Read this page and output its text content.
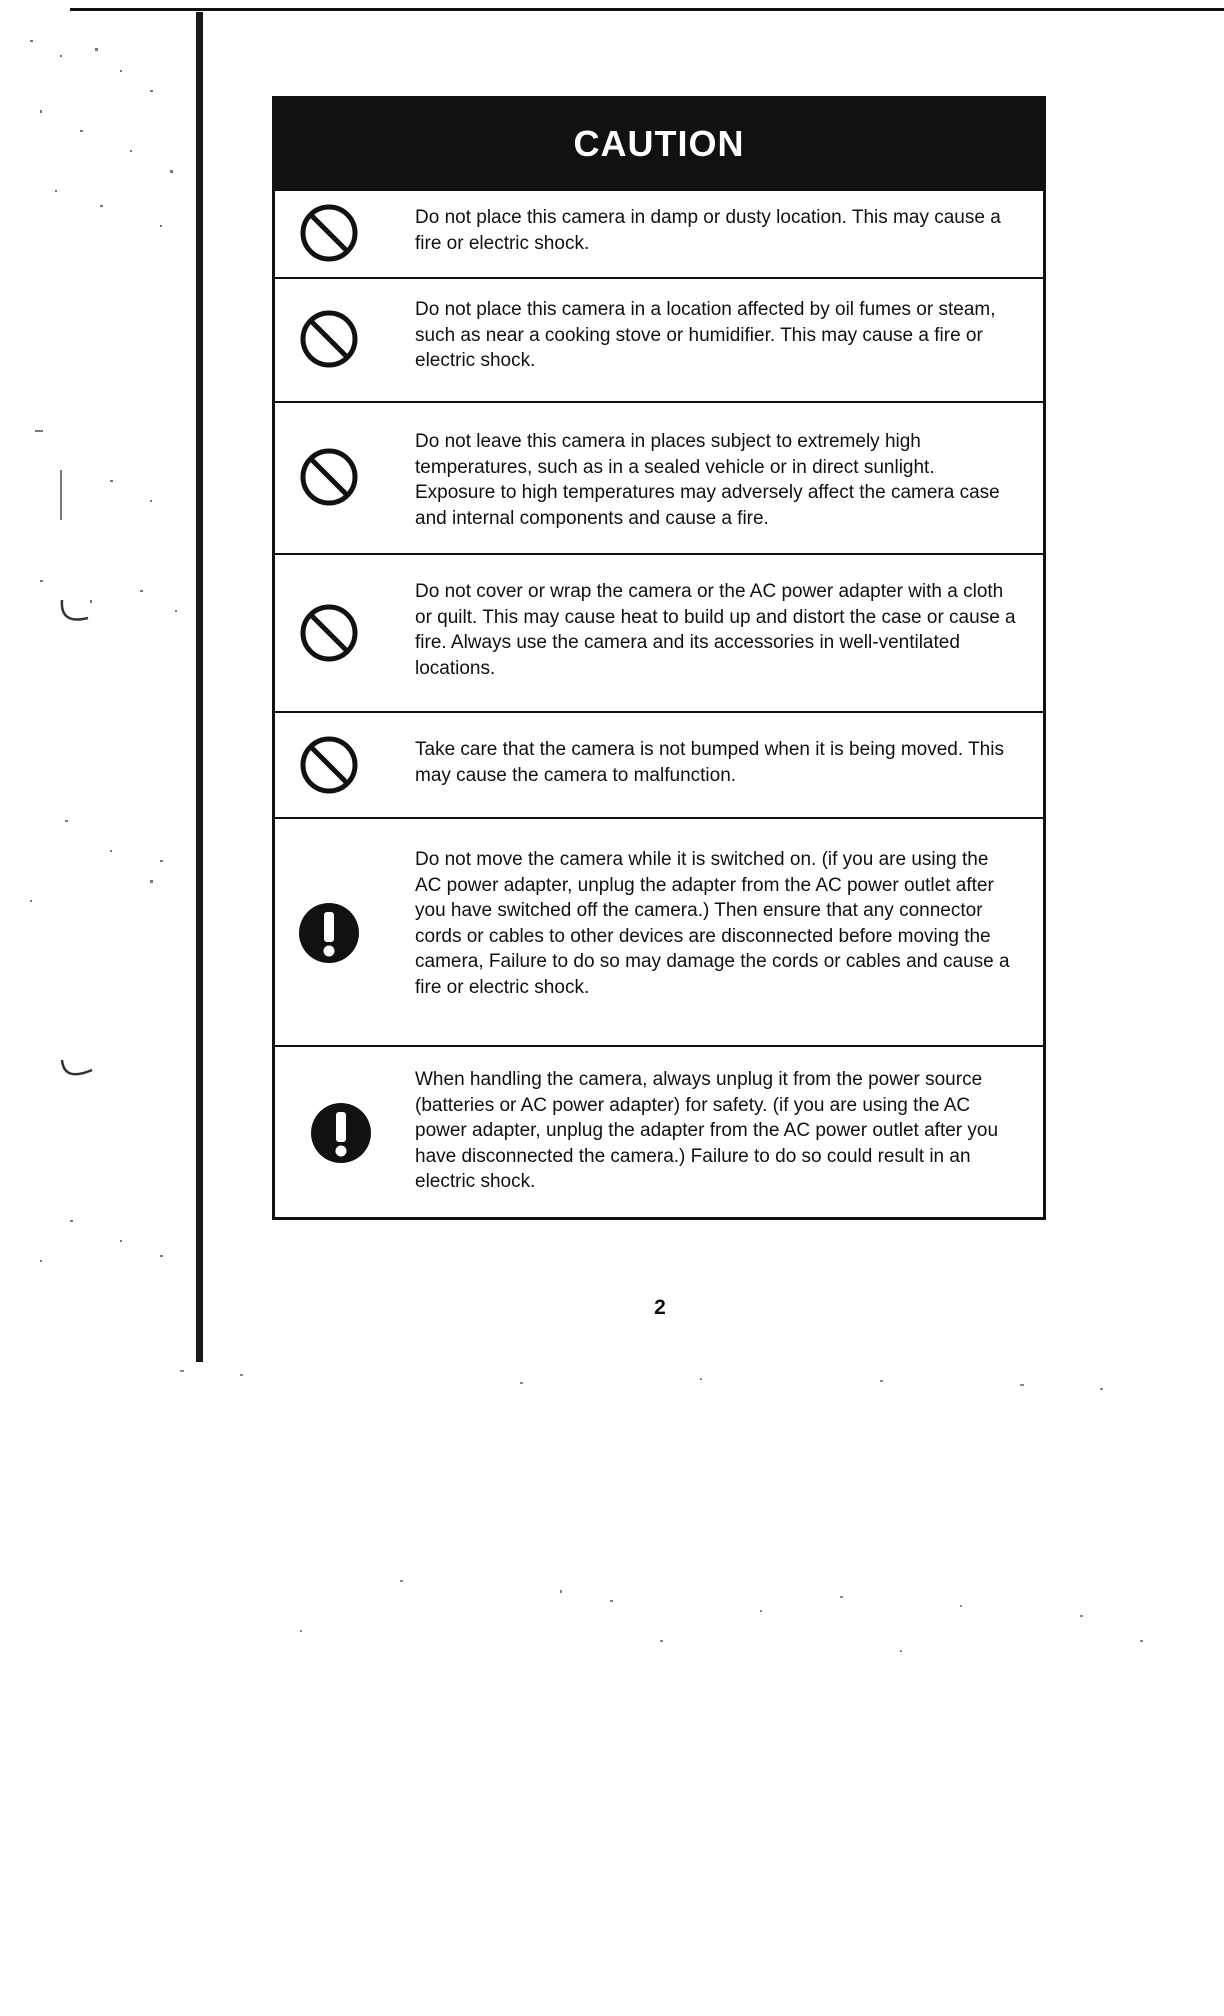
CAUTION
Do not place this camera in damp or dusty location. This may cause a fire or electric shock.
Do not place this camera in a location affected by oil fumes or steam, such as near a cooking stove or humidifier. This may cause a fire or electric shock.
Do not leave this camera in places subject to extremely high temperatures, such as in a sealed vehicle or in direct sunlight. Exposure to high temperatures may adversely affect the camera case and internal components and cause a fire.
Do not cover or wrap the camera or the AC power adapter with a cloth or quilt. This may cause heat to build up and distort the case or cause a fire. Always use the camera and its accessories in well-ventilated locations.
Take care that the camera is not bumped when it is being moved. This may cause the camera to malfunction.
Do not move the camera while it is switched on. (if you are using the AC power adapter, unplug the adapter from the AC power outlet after you have switched off the camera.) Then ensure that any connector cords or cables to other devices are disconnected before moving the camera, Failure to do so may damage the cords or cables and cause a fire or electric shock.
When handling the camera, always unplug it from the power source (batteries or AC power adapter) for safety. (if you are using the AC power adapter, unplug the adapter from the AC power outlet after you have disconnected the camera.) Failure to do so could result in an electric shock.
2
